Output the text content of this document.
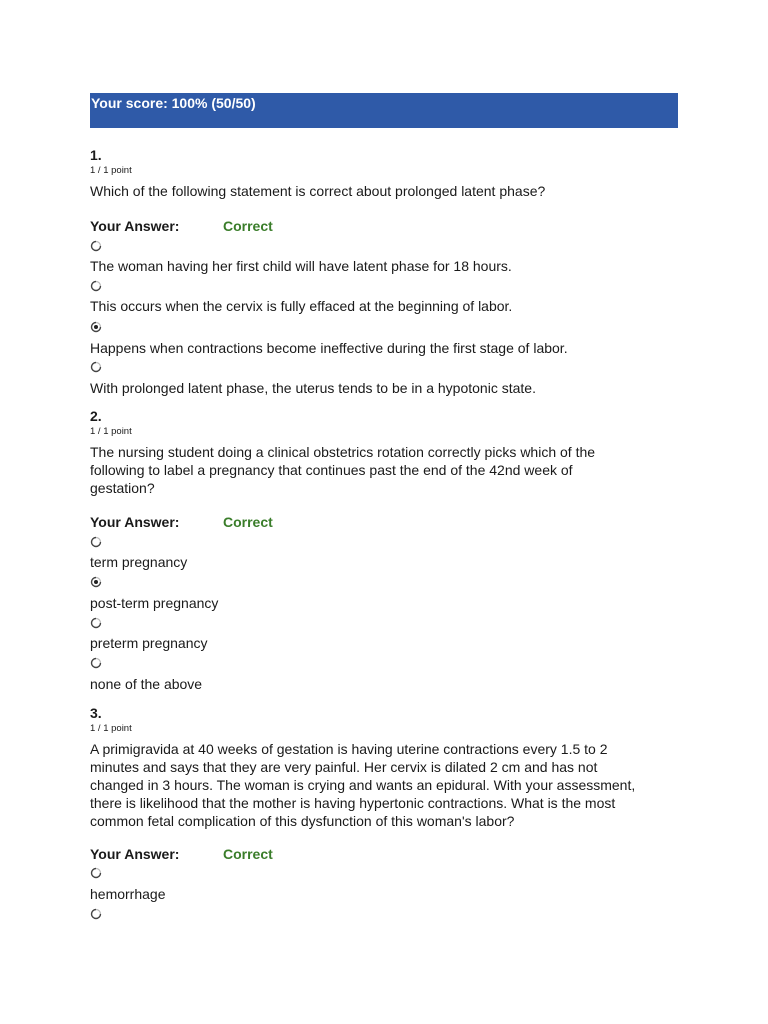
Your score: 100% (50/50)
1.
1 / 1 point
Which of the following statement is correct about prolonged latent phase?
Your Answer:	Correct
The woman having her first child will have latent phase for 18 hours.
This occurs when the cervix is fully effaced at the beginning of labor.
Happens when contractions become ineffective during the first stage of labor.
With prolonged latent phase, the uterus tends to be in a hypotonic state.
2.
1 / 1 point
The nursing student doing a clinical obstetrics rotation correctly picks which of the
following to label a pregnancy that continues past the end of the 42nd week of
gestation?
Your Answer:	Correct
term pregnancy
post-term pregnancy
preterm pregnancy
none of the above
3.
1 / 1 point
A primigravida at 40 weeks of gestation is having uterine contractions every 1.5 to 2
minutes and says that they are very painful. Her cervix is dilated 2 cm and has not
changed in 3 hours. The woman is crying and wants an epidural. With your assessment,
there is likelihood that the mother is having hypertonic contractions. What is the most
common fetal complication of this dysfunction of this woman's labor?
Your Answer:	Correct
hemorrhage
